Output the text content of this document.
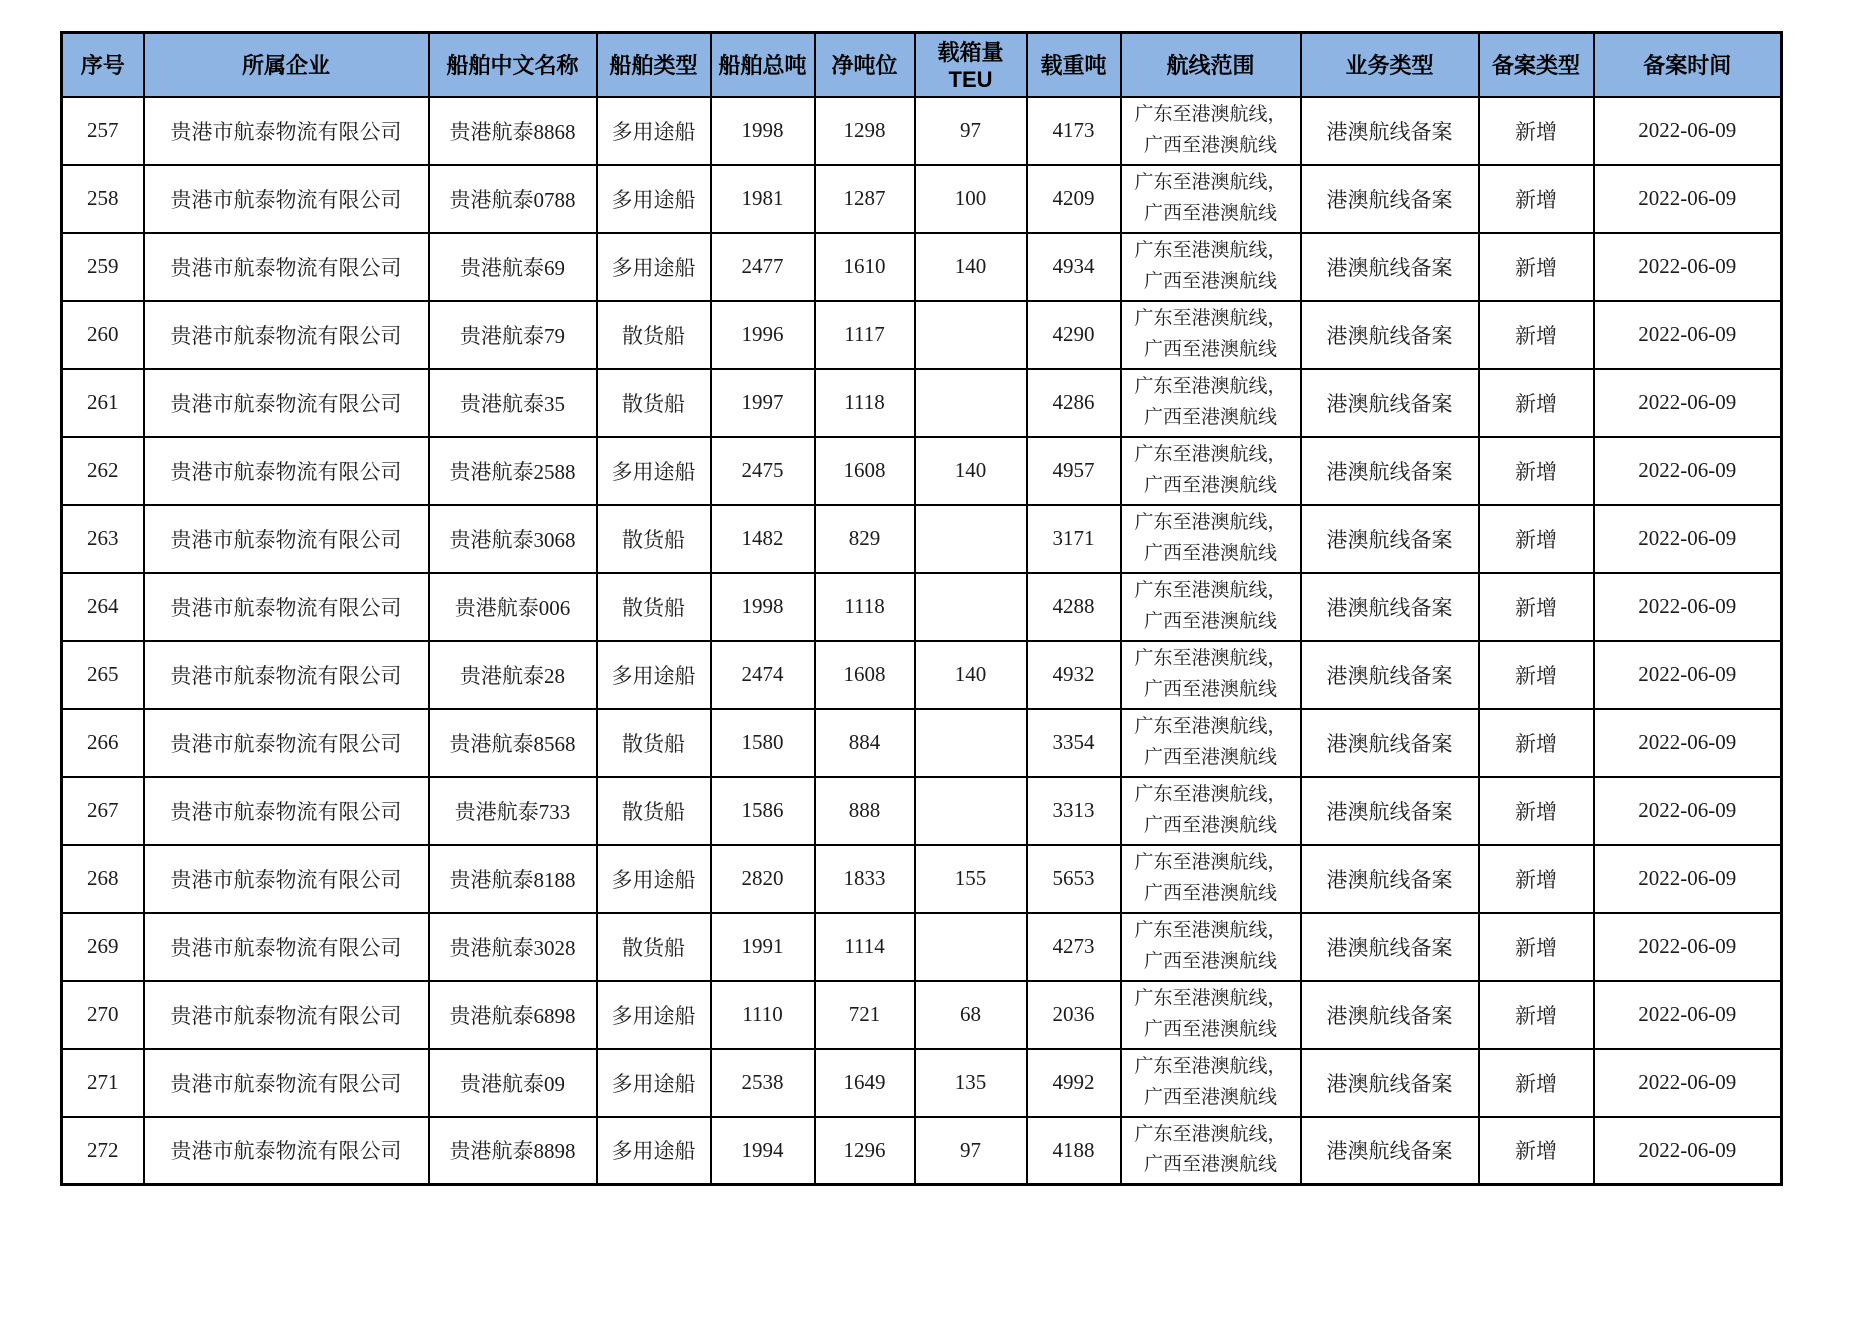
序号	所属企业	船舶中文名称	船舶类型	船舶总吨	净吨位	载箱量TEU	载重吨	航线范围	业务类型	备案类型	备案时间
257	贵港市航泰物流有限公司	贵港航泰8868	多用途船	1998	1298	97	4173	广东至港澳航线，广西至港澳航线	港澳航线备案	新增	2022-06-09
258	贵港市航泰物流有限公司	贵港航泰0788	多用途船	1981	1287	100	4209	广东至港澳航线，广西至港澳航线	港澳航线备案	新增	2022-06-09
259	贵港市航泰物流有限公司	贵港航泰69	多用途船	2477	1610	140	4934	广东至港澳航线，广西至港澳航线	港澳航线备案	新增	2022-06-09
260	贵港市航泰物流有限公司	贵港航泰79	散货船	1996	1117		4290	广东至港澳航线，广西至港澳航线	港澳航线备案	新增	2022-06-09
261	贵港市航泰物流有限公司	贵港航泰35	散货船	1997	1118		4286	广东至港澳航线，广西至港澳航线	港澳航线备案	新增	2022-06-09
262	贵港市航泰物流有限公司	贵港航泰2588	多用途船	2475	1608	140	4957	广东至港澳航线，广西至港澳航线	港澳航线备案	新增	2022-06-09
263	贵港市航泰物流有限公司	贵港航泰3068	散货船	1482	829		3171	广东至港澳航线，广西至港澳航线	港澳航线备案	新增	2022-06-09
264	贵港市航泰物流有限公司	贵港航泰006	散货船	1998	1118		4288	广东至港澳航线，广西至港澳航线	港澳航线备案	新增	2022-06-09
265	贵港市航泰物流有限公司	贵港航泰28	多用途船	2474	1608	140	4932	广东至港澳航线，广西至港澳航线	港澳航线备案	新增	2022-06-09
266	贵港市航泰物流有限公司	贵港航泰8568	散货船	1580	884		3354	广东至港澳航线，广西至港澳航线	港澳航线备案	新增	2022-06-09
267	贵港市航泰物流有限公司	贵港航泰733	散货船	1586	888		3313	广东至港澳航线，广西至港澳航线	港澳航线备案	新增	2022-06-09
268	贵港市航泰物流有限公司	贵港航泰8188	多用途船	2820	1833	155	5653	广东至港澳航线，广西至港澳航线	港澳航线备案	新增	2022-06-09
269	贵港市航泰物流有限公司	贵港航泰3028	散货船	1991	1114		4273	广东至港澳航线，广西至港澳航线	港澳航线备案	新增	2022-06-09
270	贵港市航泰物流有限公司	贵港航泰6898	多用途船	1110	721	68	2036	广东至港澳航线，广西至港澳航线	港澳航线备案	新增	2022-06-09
271	贵港市航泰物流有限公司	贵港航泰09	多用途船	2538	1649	135	4992	广东至港澳航线，广西至港澳航线	港澳航线备案	新增	2022-06-09
272	贵港市航泰物流有限公司	贵港航泰8898	多用途船	1994	1296	97	4188	广东至港澳航线，广西至港澳航线	港澳航线备案	新增	2022-06-09
